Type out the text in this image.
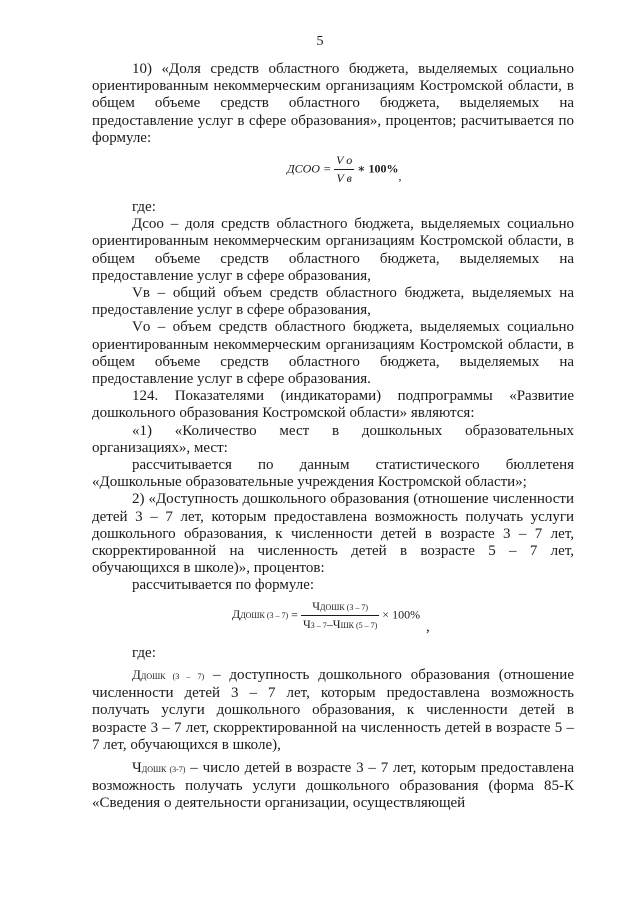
5

10) «Доля средств областного бюджета, выделяемых социально ориентированным некоммерческим организациям Костромской области, в общем объеме средств областного бюджета, выделяемых на предоставление услуг в сфере образования», процентов; расчитывается по формуле:

ДСОО = $\frac{\text{V о}}{\text{V в}}$ ∗ 100%,

где:

Дсоо – доля средств областного бюджета, выделяемых социально ориентированным некоммерческим организациям Костромской области, в общем объеме средств областного бюджета, выделяемых на предоставление услуг в сфере образования,

Vв – общий объем средств областного бюджета, выделяемых на предоставление услуг в сфере образования,

Vо – объем средств областного бюджета, выделяемых социально ориентированным некоммерческим организациям Костромской области, в общем объеме средств областного бюджета, выделяемых на предоставление услуг в сфере образования.

124. Показателями (индикаторами) подпрограммы «Развитие дошкольного образования Костромской области» являются:

«1) «Количество мест в дошкольных образовательных организациях», мест:

рассчитывается по данным статистического бюллетеня «Дошкольные образовательные учреждения Костромской области»;

2) «Доступность дошкольного образования (отношение численности детей 3 – 7 лет, которым предоставлена возможность получать услуги дошкольного образования, к численности детей в возрасте 3 – 7 лет, скорректированной на численность детей в возрасте 5 – 7 лет, обучающихся в школе)», процентов:

рассчитывается по формуле:

ДДОШК $(3 - 7) = \frac{\text{ЧДОШК (3 – 7)}}{\text{Ч3 – 7–ЧШК (5 – 7)}} \times 100\%$
,

где:

ДДОШК (3 – 7) – доступность дошкольного образования (отношение численности детей 3 – 7 лет, которым предоставлена возможность получать услуги дошкольного образования, к численности детей в возрасте 3 – 7 лет, скорректированной на численность детей в возрасте 5 – 7 лет, обучающихся в школе),

ЧДОШК (3-7) – число детей в возрасте 3 – 7 лет, которым предоставлена возможность получать услуги дошкольного образования (форма 85-К «Сведения о деятельности организации, осуществляющей
